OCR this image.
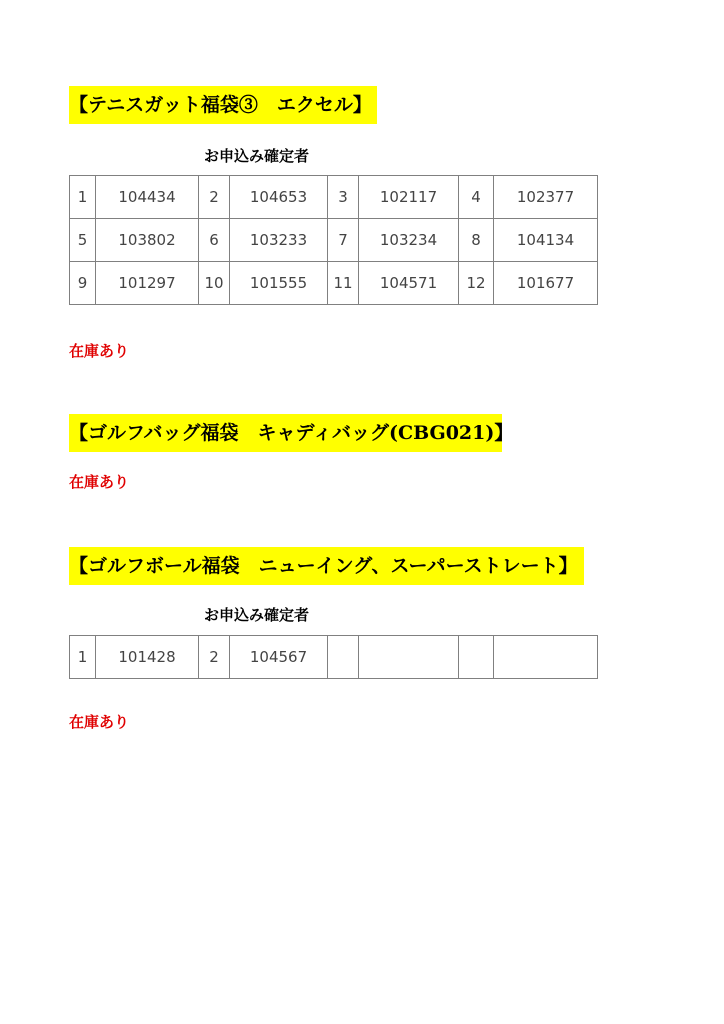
【テニスガット福袋③　エクセル】
お申込み確定者
1	104434	2	104653	3	102117	4	102377
5	103802	6	103233	7	103234	8	104134
9	101297	10	101555	11	104571	12	101677
在庫あり
【ゴルフバッグ福袋　キャディバッグ(CBG021)】
在庫あり
【ゴルフボール福袋　ニューイング、スーパーストレート】
お申込み確定者
1	101428	2	104567				
在庫あり
